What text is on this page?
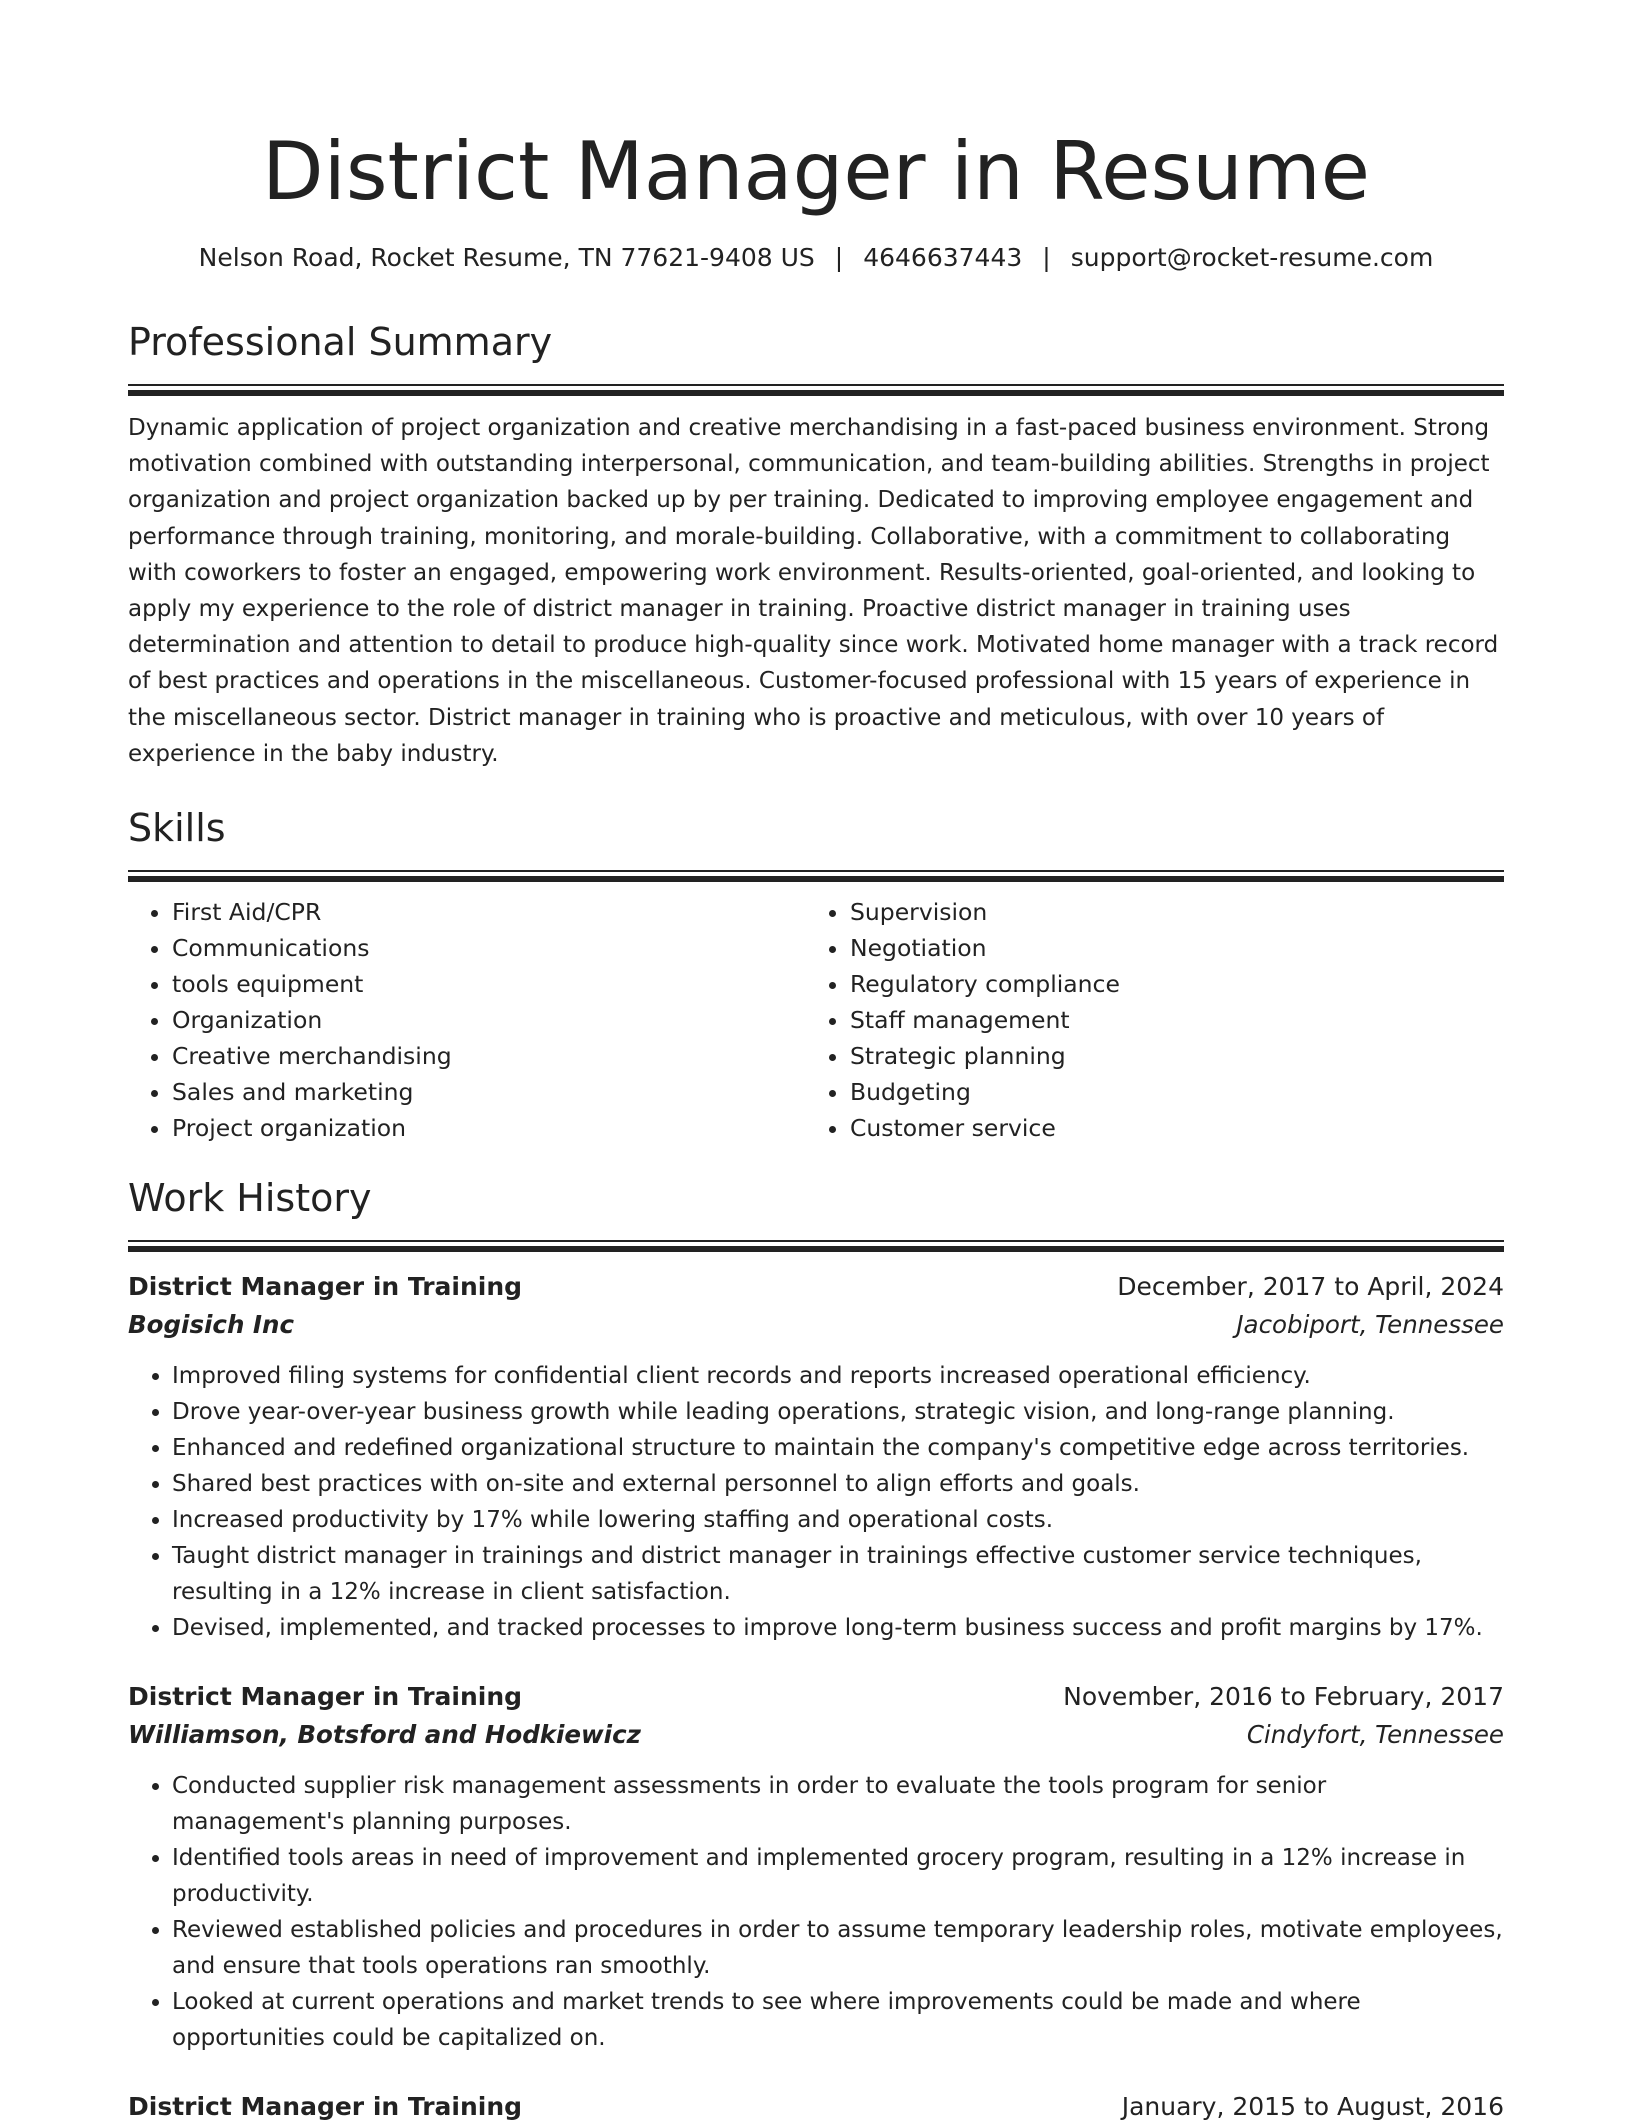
District Manager in Resume
Nelson Road, Rocket Resume, TN 77621-9408 US | 4646637443 | support@rocket-resume.com
Professional Summary
Dynamic application of project organization and creative merchandising in a fast-paced business environment. Strong motivation combined with outstanding interpersonal, communication, and team-building abilities. Strengths in project organization and project organization backed up by per training. Dedicated to improving employee engagement and performance through training, monitoring, and morale-building. Collaborative, with a commitment to collaborating with coworkers to foster an engaged, empowering work environment. Results-oriented, goal-oriented, and looking to apply my experience to the role of district manager in training. Proactive district manager in training uses determination and attention to detail to produce high-quality since work. Motivated home manager with a track record of best practices and operations in the miscellaneous. Customer-focused professional with 15 years of experience in the miscellaneous sector. District manager in training who is proactive and meticulous, with over 10 years of experience in the baby industry.
Skills
• First Aid/CPR
• Communications
• tools equipment
• Organization
• Creative merchandising
• Sales and marketing
• Project organization
• Supervision
• Negotiation
• Regulatory compliance
• Staff management
• Strategic planning
• Budgeting
• Customer service
Work History
District Manager in Training	December, 2017 to April, 2024
Bogisich Inc	Jacobiport, Tennessee
• Improved filing systems for confidential client records and reports increased operational efficiency.
• Drove year-over-year business growth while leading operations, strategic vision, and long-range planning.
• Enhanced and redefined organizational structure to maintain the company's competitive edge across territories.
• Shared best practices with on-site and external personnel to align efforts and goals.
• Increased productivity by 17% while lowering staffing and operational costs.
• Taught district manager in trainings and district manager in trainings effective customer service techniques, resulting in a 12% increase in client satisfaction.
• Devised, implemented, and tracked processes to improve long-term business success and profit margins by 17%.
District Manager in Training	November, 2016 to February, 2017
Williamson, Botsford and Hodkiewicz	Cindyfort, Tennessee
• Conducted supplier risk management assessments in order to evaluate the tools program for senior management's planning purposes.
• Identified tools areas in need of improvement and implemented grocery program, resulting in a 12% increase in productivity.
• Reviewed established policies and procedures in order to assume temporary leadership roles, motivate employees, and ensure that tools operations ran smoothly.
• Looked at current operations and market trends to see where improvements could be made and where opportunities could be capitalized on.
District Manager in Training	January, 2015 to August, 2016
